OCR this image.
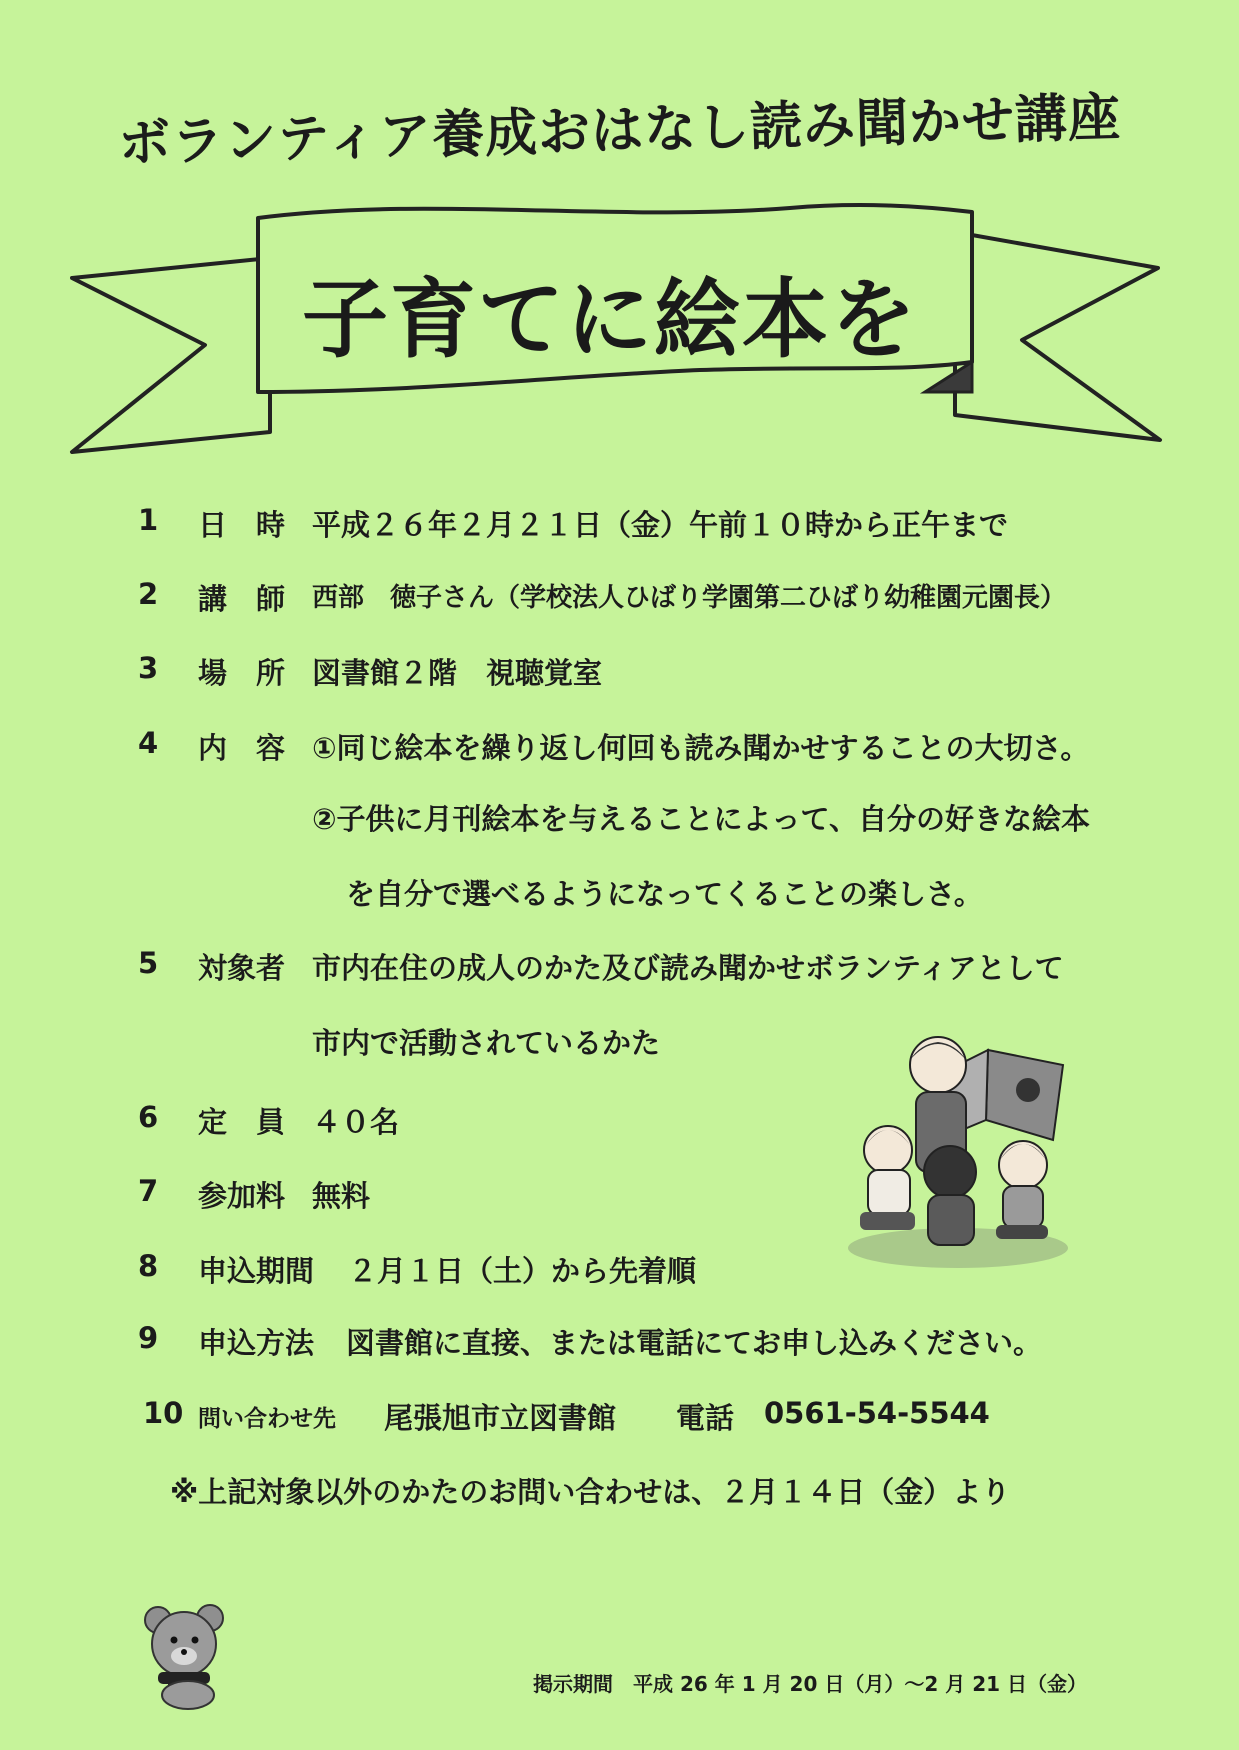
ボランティア養成おはなし読み聞かせ講座
子育てに絵本を
1 日　時 平成２６年２月２１日（金）午前１０時から正午まで
2 講　師 西部　徳子さん（学校法人ひばり学園第二ひばり幼稚園元園長）
3 場　所 図書館２階　視聴覚室
4 内　容 ①同じ絵本を繰り返し何回も読み聞かせすることの大切さ。
②子供に月刊絵本を与えることによって、自分の好きな絵本
を自分で選べるようになってくることの楽しさ。
5 対象者 市内在住の成人のかた及び読み聞かせボランティアとして
市内で活動されているかた
6 定　員 ４０名
7 参加料 無料
8 申込期間 ２月１日（土）から先着順
9 申込方法 図書館に直接、または電話にてお申し込みください。
10 問い合わせ先 尾張旭市立図書館 電話 0561-54-5544
※上記対象以外のかたのお問い合わせは、２月１４日（金）より
掲示期間　平成 26 年 1 月 20 日（月）～2 月 21 日（金）
